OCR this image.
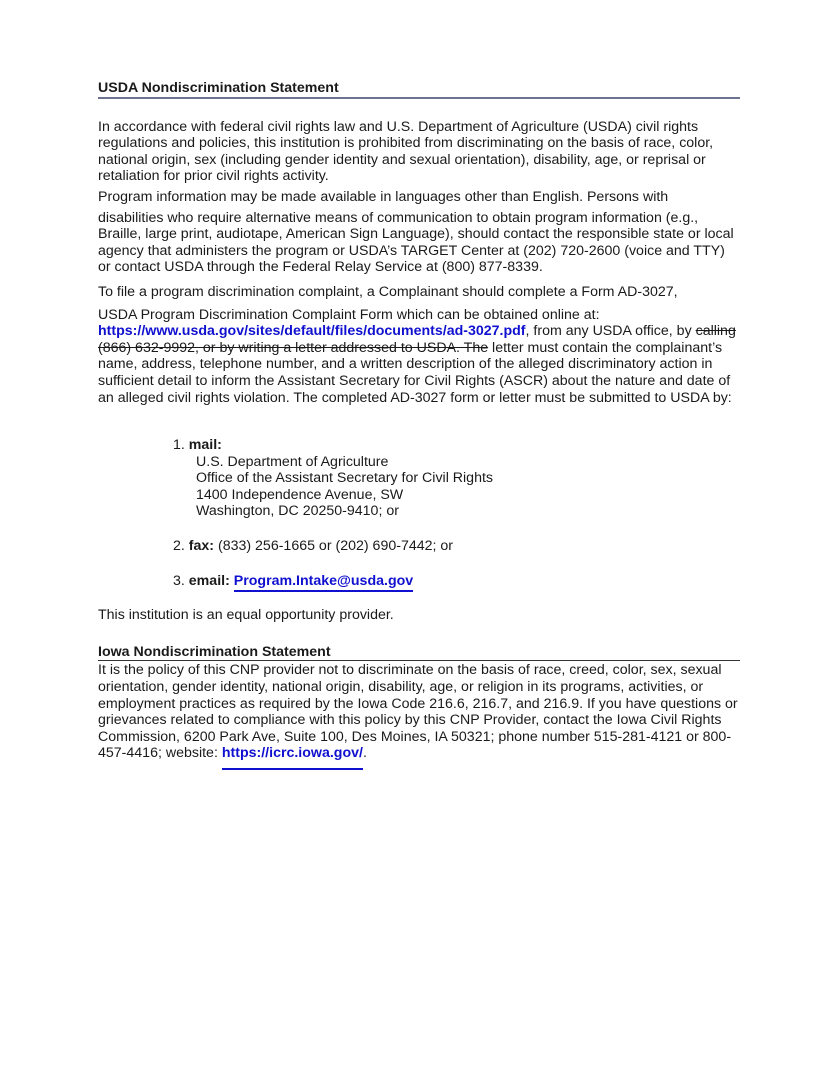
USDA Nondiscrimination Statement

In accordance with federal civil rights law and U.S. Department of Agriculture (USDA) civil rights regulations and policies, this institution is prohibited from discriminating on the basis of race, color, national origin, sex (including gender identity and sexual orientation), disability, age, or reprisal or retaliation for prior civil rights activity.

Program information may be made available in languages other than English. Persons with

disabilities who require alternative means of communication to obtain program information (e.g., Braille, large print, audiotape, American Sign Language), should contact the responsible state or local agency that administers the program or USDA’s TARGET Center at (202) 720-2600 (voice and TTY) or contact USDA through the Federal Relay Service at (800) 877-8339.

To file a program discrimination complaint, a Complainant should complete a Form AD-3027,

USDA Program Discrimination Complaint Form which can be obtained online at: https://www.usda.gov/sites/default/files/documents/ad-3027.pdf, from any USDA office, by calling (866) 632-9992, or by writing a letter addressed to USDA. The letter must contain the complainant’s name, address, telephone number, and a written description of the alleged discriminatory action in sufficient detail to inform the Assistant Secretary for Civil Rights (ASCR) about the nature and date of an alleged civil rights violation. The completed AD-3027 form or letter must be submitted to USDA by:

1. mail:
U.S. Department of Agriculture
Office of the Assistant Secretary for Civil Rights
1400 Independence Avenue, SW
Washington, DC 20250-9410; or
2. fax: (833) 256-1665 or (202) 690-7442; or
3. email: Program.Intake@usda.gov

This institution is an equal opportunity provider.

Iowa Nondiscrimination Statement

It is the policy of this CNP provider not to discriminate on the basis of race, creed, color, sex, sexual orientation, gender identity, national origin, disability, age, or religion in its programs, activities, or employment practices as required by the Iowa Code 216.6, 216.7, and 216.9. If you have questions or grievances related to compliance with this policy by this CNP Provider, contact the Iowa Civil Rights Commission, 6200 Park Ave, Suite 100, Des Moines, IA 50321; phone number 515-281-4121 or 800-457-4416; website: https://icrc.iowa.gov/.
